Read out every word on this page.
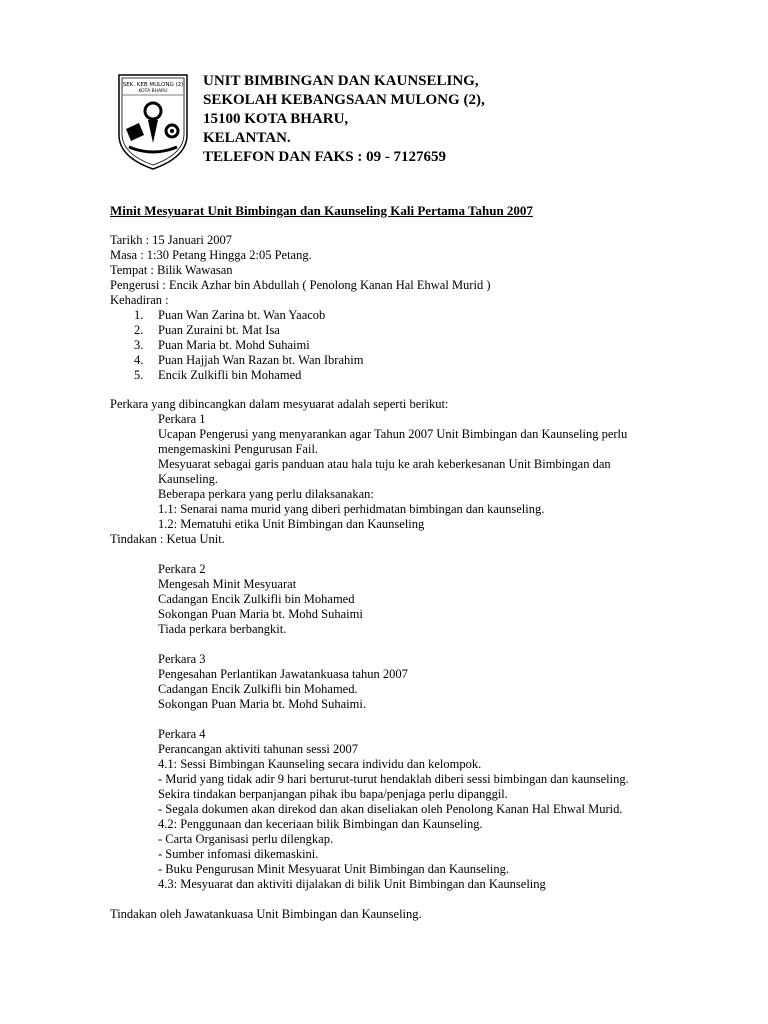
SEK. KEB MULONG (2)
KOTA BHARU
UNIT BIMBINGAN DAN KAUNSELING,
SEKOLAH KEBANGSAAN MULONG (2),
15100 KOTA BHARU,
KELANTAN.
TELEFON DAN FAKS : 09 - 7127659
Minit Mesyuarat Unit Bimbingan dan Kaunseling Kali Pertama Tahun 2007
Tarikh : 15 Januari 2007
Masa : 1:30 Petang Hingga 2:05 Petang.
Tempat : Bilik Wawasan
Pengerusi : Encik Azhar bin Abdullah ( Penolong Kanan Hal Ehwal Murid )
Kehadiran :
1. Puan Wan Zarina bt. Wan Yaacob
2. Puan Zuraini bt. Mat Isa
3. Puan Maria bt. Mohd Suhaimi
4. Puan Hajjah Wan Razan bt. Wan Ibrahim
5. Encik Zulkifli bin Mohamed
Perkara yang dibincangkan dalam mesyuarat adalah seperti berikut:
Perkara 1
Ucapan Pengerusi yang menyarankan agar Tahun 2007 Unit Bimbingan dan Kaunseling perlu
mengemaskini Pengurusan Fail.
Mesyuarat sebagai garis panduan atau hala tuju ke arah keberkesanan Unit Bimbingan dan
Kaunseling.
Beberapa perkara yang perlu dilaksanakan:
1.1: Senarai nama murid yang diberi perhidmatan bimbingan dan kaunseling.
1.2: Mematuhi etika Unit Bimbingan dan Kaunseling
Tindakan : Ketua Unit.
Perkara 2
Mengesah Minit Mesyuarat
Cadangan Encik Zulkifli bin Mohamed
Sokongan Puan Maria bt. Mohd Suhaimi
Tiada perkara berbangkit.
Perkara 3
Pengesahan Perlantikan Jawatankuasa tahun 2007
Cadangan Encik Zulkifli bin Mohamed.
Sokongan Puan Maria bt. Mohd Suhaimi.
Perkara 4
Perancangan aktiviti tahunan sessi 2007
4.1: Sessi Bimbingan Kaunseling secara individu dan kelompok.
- Murid yang tidak adir 9 hari berturut-turut hendaklah diberi sessi bimbingan dan kaunseling.
Sekira tindakan berpanjangan pihak ibu bapa/penjaga perlu dipanggil.
- Segala dokumen akan direkod dan akan diseliakan oleh Penolong Kanan Hal Ehwal Murid.
4.2: Penggunaan dan keceriaan bilik Bimbingan dan Kaunseling.
- Carta Organisasi perlu dilengkap.
- Sumber infomasi dikemaskini.
- Buku Pengurusan Minit Mesyuarat Unit Bimbingan dan Kaunseling.
4.3: Mesyuarat dan aktiviti dijalakan di bilik Unit Bimbingan dan Kaunseling
Tindakan oleh Jawatankuasa Unit Bimbingan dan Kaunseling.
